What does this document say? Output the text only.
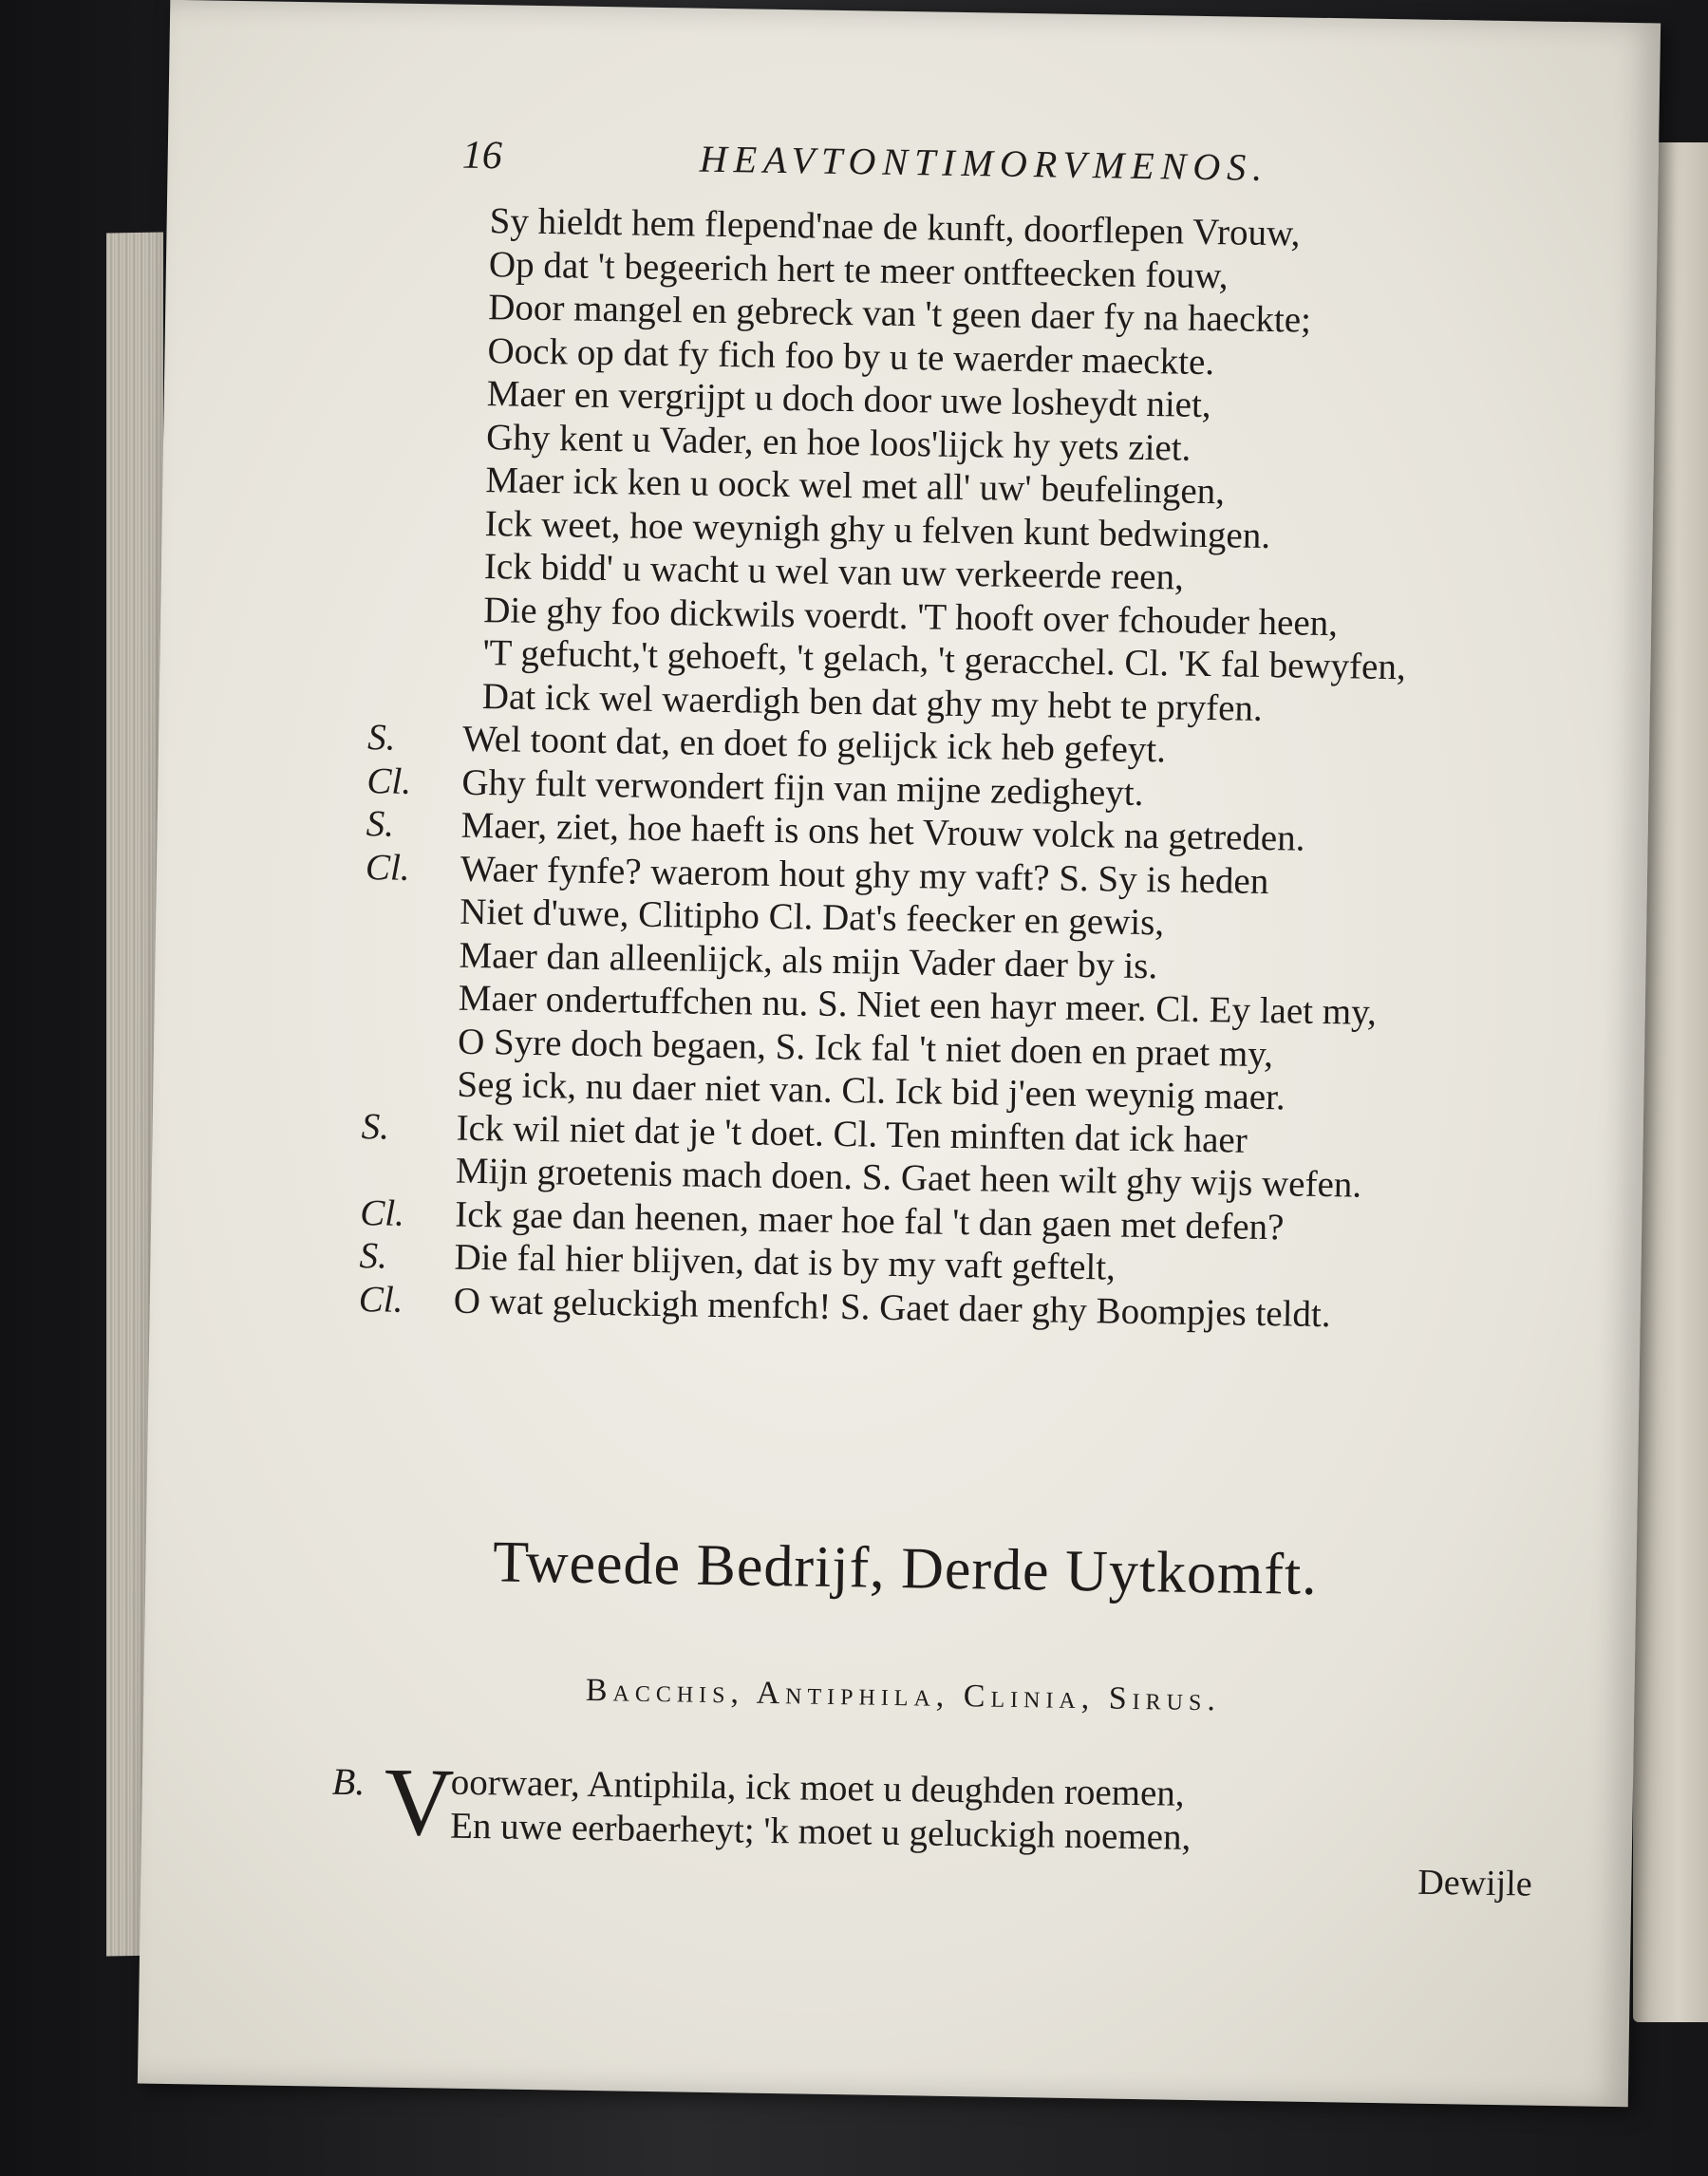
16	HEAVTONTIMORVMENOS.
Sy hieldt hem flepend'nae de kunft, doorflepen Vrouw,
Op dat 't begeerich hert te meer ontfteecken fouw,
Door mangel en gebreck van 't geen daer fy na haeckte;
Oock op dat fy fich foo by u te waerder maeckte.
Maer en vergrijpt u doch door uwe losheydt niet,
Ghy kent u Vader, en hoe loos'lijck hy yets ziet.
Maer ick ken u oock wel met all' uw' beufelingen,
Ick weet, hoe weynigh ghy u felven kunt bedwingen.
Ick bidd' u wacht u wel van uw verkeerde reen,
Die ghy foo dickwils voerdt. 'T hooft over fchouder heen,
'T gefucht,'t gehoeft, 't gelach, 't geracchel. Cl. 'K fal bewyfen,
Dat ick wel waerdigh ben dat ghy my hebt te pryfen.
S.	Wel toont dat, en doet fo gelijck ick heb gefeyt.
Cl.	Ghy fult verwondert fijn van mijne zedigheyt.
S.	Maer, ziet, hoe haeft is ons het Vrouw volck na getreden.
Cl.	Waer fynfe? waerom hout ghy my vaft? S. Sy is heden
Niet d'uwe, Clitipho Cl. Dat's feecker en gewis,
Maer dan alleenlijck, als mijn Vader daer by is.
Maer ondertuffchen nu. S. Niet een hayr meer. Cl. Ey laet my,
O Syre doch begaen, S. Ick fal 't niet doen en praet my,
Seg ick, nu daer niet van. Cl. Ick bid j'een weynig maer.
S.	Ick wil niet dat je 't doet. Cl. Ten minften dat ick haer
Mijn groetenis mach doen. S. Gaet heen wilt ghy wijs wefen.
Cl.	Ick gae dan heenen, maer hoe fal 't dan gaen met defen?
S.	Die fal hier blijven, dat is by my vaft geftelt,
Cl.	O wat geluckigh menfch! S. Gaet daer ghy Boompjes teldt.
Tweede Bedrijf, Derde Uytkomft.
Bacchis, Antiphila, Clinia, Sirus.
B. V
oorwaer, Antiphila, ick moet u deughden roemen,
En uwe eerbaerheyt; 'k moet u geluckigh noemen,
Dewijle
